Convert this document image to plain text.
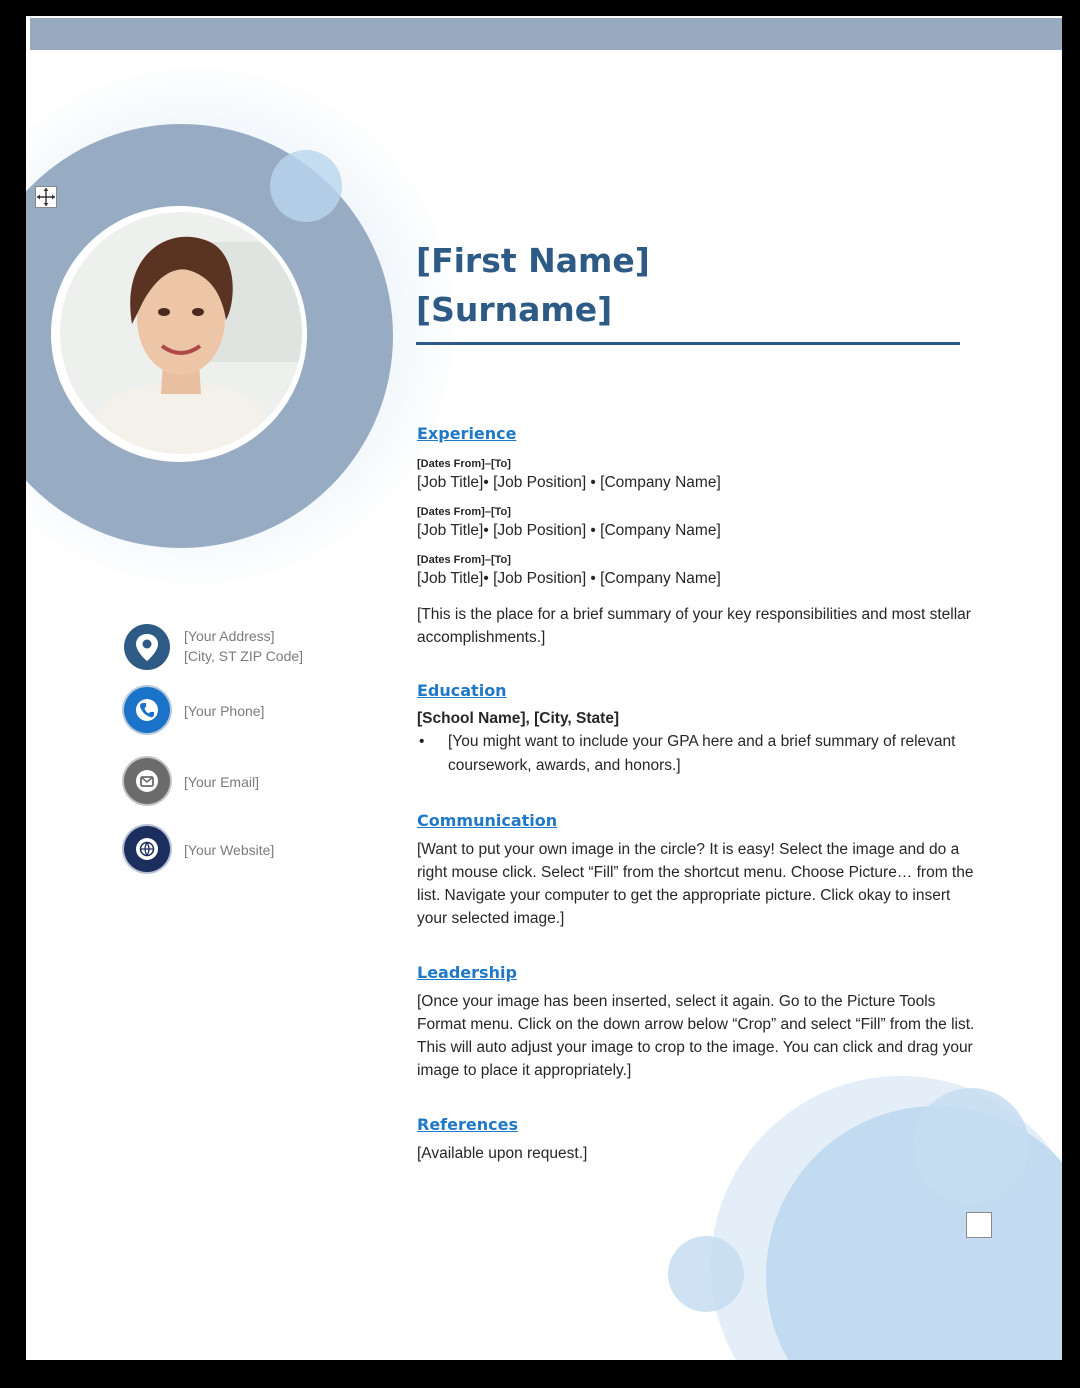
[Your Address]
[City, ST ZIP Code]
[Your Phone]
[Your Email]
[Your Website]
[First Name]
[Surname]
Experience
[Dates From]–[To]
[Job Title]• [Job Position] • [Company Name]
[Dates From]–[To]
[Job Title]• [Job Position] • [Company Name]
[Dates From]–[To]
[Job Title]• [Job Position] • [Company Name]
[This is the place for a brief summary of your key responsibilities and most stellar accomplishments.]
Education
[School Name], [City, State]
• [You might want to include your GPA here and a brief summary of relevant coursework, awards, and honors.]
Communication
[Want to put your own image in the circle? It is easy! Select the image and do a right mouse click. Select “Fill” from the shortcut menu. Choose Picture… from the list. Navigate your computer to get the appropriate picture. Click okay to insert your selected image.]
Leadership
[Once your image has been inserted, select it again. Go to the Picture Tools Format menu. Click on the down arrow below “Crop” and select “Fill” from the list. This will auto adjust your image to crop to the image. You can click and drag your image to place it appropriately.]
References
[Available upon request.]
